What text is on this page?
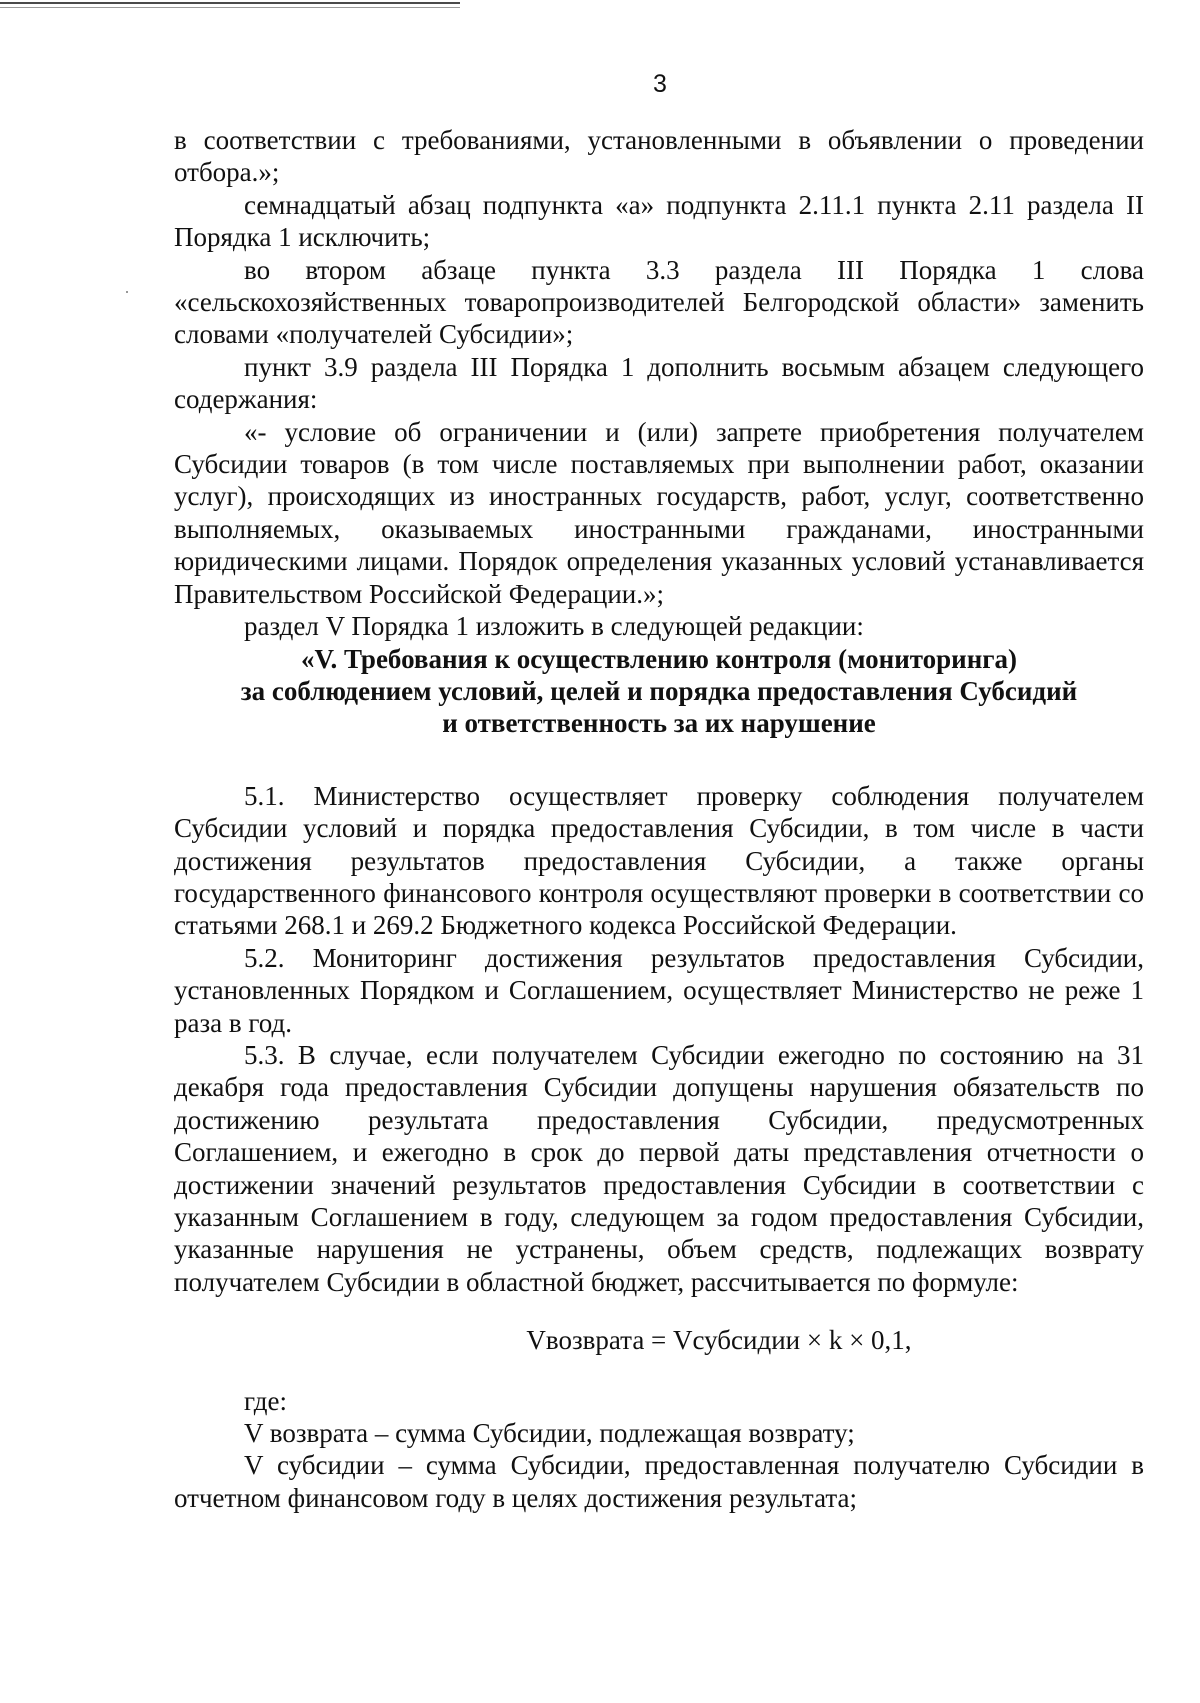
3

в соответствии с требованиями, установленными в объявлении о проведении отбора.»;

семнадцатый абзац подпункта «а» подпункта 2.11.1 пункта 2.11 раздела II Порядка 1 исключить;

во втором абзаце пункта 3.3 раздела III Порядка 1 слова «сельскохозяйственных товаропроизводителей Белгородской области» заменить словами «получателей Субсидии»;

пункт 3.9 раздела III Порядка 1 дополнить восьмым абзацем следующего содержания:

«- условие об ограничении и (или) запрете приобретения получателем Субсидии товаров (в том числе поставляемых при выполнении работ, оказании услуг), происходящих из иностранных государств, работ, услуг, соответственно выполняемых, оказываемых иностранными гражданами, иностранными юридическими лицами. Порядок определения указанных условий устанавливается Правительством Российской Федерации.»;

раздел V Порядка 1 изложить в следующей редакции:

«V. Требования к осуществлению контроля (мониторинга)
за соблюдением условий, целей и порядка предоставления Субсидий
и ответственность за их нарушение

5.1. Министерство осуществляет проверку соблюдения получателем Субсидии условий и порядка предоставления Субсидии, в том числе в части достижения результатов предоставления Субсидии, а также органы государственного финансового контроля осуществляют проверки в соответствии со статьями 268.1 и 269.2 Бюджетного кодекса Российской Федерации.

5.2. Мониторинг достижения результатов предоставления Субсидии, установленных Порядком и Соглашением, осуществляет Министерство не реже 1 раза в год.

5.3. В случае, если получателем Субсидии ежегодно по состоянию на 31 декабря года предоставления Субсидии допущены нарушения обязательств по достижению результата предоставления Субсидии, предусмотренных Соглашением, и ежегодно в срок до первой даты представления отчетности о достижении значений результатов предоставления Субсидии в соответствии с указанным Соглашением в году, следующем за годом предоставления Субсидии, указанные нарушения не устранены, объем средств, подлежащих возврату получателем Субсидии в областной бюджет, рассчитывается по формуле:

Vвозврата = Vсубсидии × k × 0,1,

где:

V возврата – сумма Субсидии, подлежащая возврату;

V субсидии – сумма Субсидии, предоставленная получателю Субсидии в отчетном финансовом году в целях достижения результата;
